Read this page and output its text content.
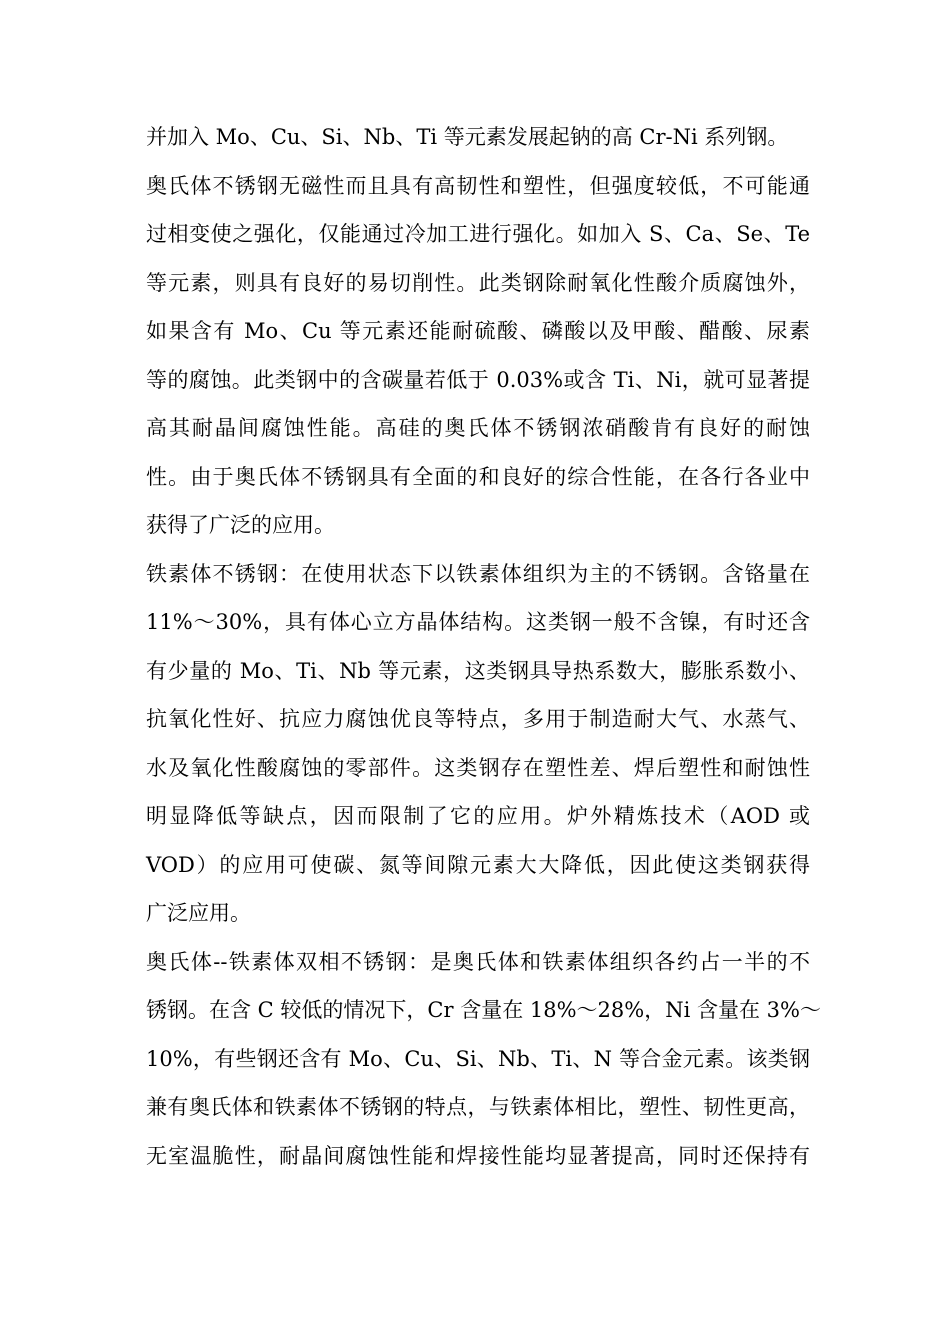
并加入 Mo、Cu、Si、Nb、Ti 等元素发展起钠的高 Cr-Ni 系列钢。
奥氏体不锈钢无磁性而且具有高韧性和塑性，但强度较低，不可能通
过相变使之强化，仅能通过冷加工进行强化。如加入 S、Ca、Se、Te
等元素，则具有良好的易切削性。此类钢除耐氧化性酸介质腐蚀外，
如果含有 Mo、Cu 等元素还能耐硫酸、磷酸以及甲酸、醋酸、尿素
等的腐蚀。此类钢中的含碳量若低于 0.03%或含 Ti、Ni，就可显著提
高其耐晶间腐蚀性能。高硅的奥氏体不锈钢浓硝酸肯有良好的耐蚀
性。由于奥氏体不锈钢具有全面的和良好的综合性能，在各行各业中
获得了广泛的应用。
铁素体不锈钢：在使用状态下以铁素体组织为主的不锈钢。含铬量在
11%～30%，具有体心立方晶体结构。这类钢一般不含镍，有时还含
有少量的 Mo、Ti、Nb 等元素，这类钢具导热系数大，膨胀系数小、
抗氧化性好、抗应力腐蚀优良等特点，多用于制造耐大气、水蒸气、
水及氧化性酸腐蚀的零部件。这类钢存在塑性差、焊后塑性和耐蚀性
明显降低等缺点，因而限制了它的应用。炉外精炼技术（AOD 或
VOD）的应用可使碳、氮等间隙元素大大降低，因此使这类钢获得
广泛应用。
奥氏体--铁素体双相不锈钢：是奥氏体和铁素体组织各约占一半的不
锈钢。在含 C 较低的情况下，Cr 含量在 18%～28%，Ni 含量在 3%～
10%，有些钢还含有 Mo、Cu、Si、Nb、Ti、N 等合金元素。该类钢
兼有奥氏体和铁素体不锈钢的特点，与铁素体相比，塑性、韧性更高，
无室温脆性，耐晶间腐蚀性能和焊接性能均显著提高，同时还保持有
